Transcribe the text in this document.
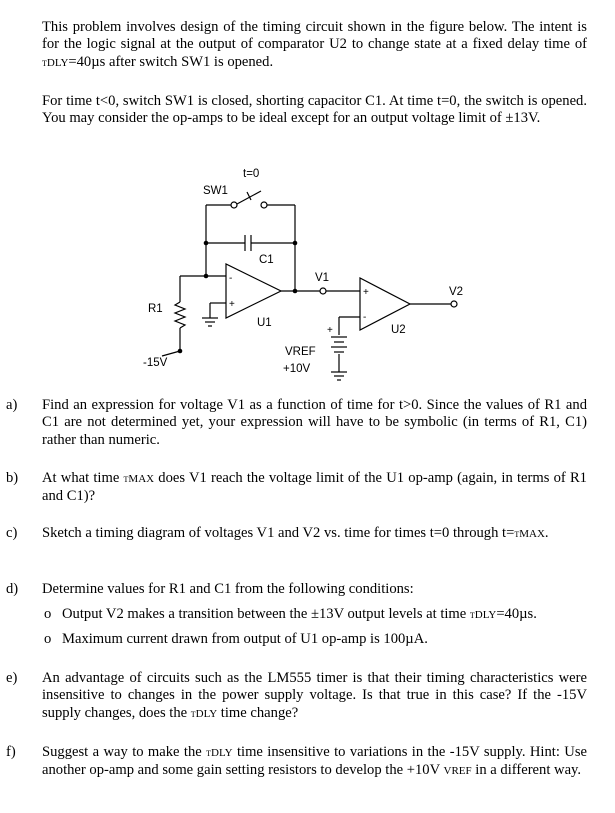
This problem involves design of the timing circuit shown in the figure below. The intent is for the logic signal at the output of comparator U2 to change state at a fixed delay time of tDLY=40µs after switch SW1 is opened.
For time t<0, switch SW1 is closed, shorting capacitor C1. At time t=0, the switch is opened. You may consider the op-amps to be ideal except for an output voltage limit of ±13V.
t=0
SW1
C1
R1
-15V
-
+
U1
V1
+
-
V2
U2
+
VREF
+10V
a) Find an expression for voltage V1 as a function of time for t>0. Since the values of R1 and C1 are not determined yet, your expression will have to be symbolic (in terms of R1, C1) rather than numeric.
b) At what time tMAX does V1 reach the voltage limit of the U1 op-amp (again, in terms of R1 and C1)?
c) Sketch a timing diagram of voltages V1 and V2 vs. time for times t=0 through t=tMAX.
d) Determine values for R1 and C1 from the following conditions:
o Output V2 makes a transition between the ±13V output levels at time tDLY=40µs.
o Maximum current drawn from output of U1 op-amp is 100µA.
e) An advantage of circuits such as the LM555 timer is that their timing characteristics were insensitive to changes in the power supply voltage. Is that true in this case? If the -15V supply changes, does the tDLY time change?
f) Suggest a way to make the tDLY time insensitive to variations in the -15V supply. Hint: Use another op-amp and some gain setting resistors to develop the +10V VREF in a different way.
